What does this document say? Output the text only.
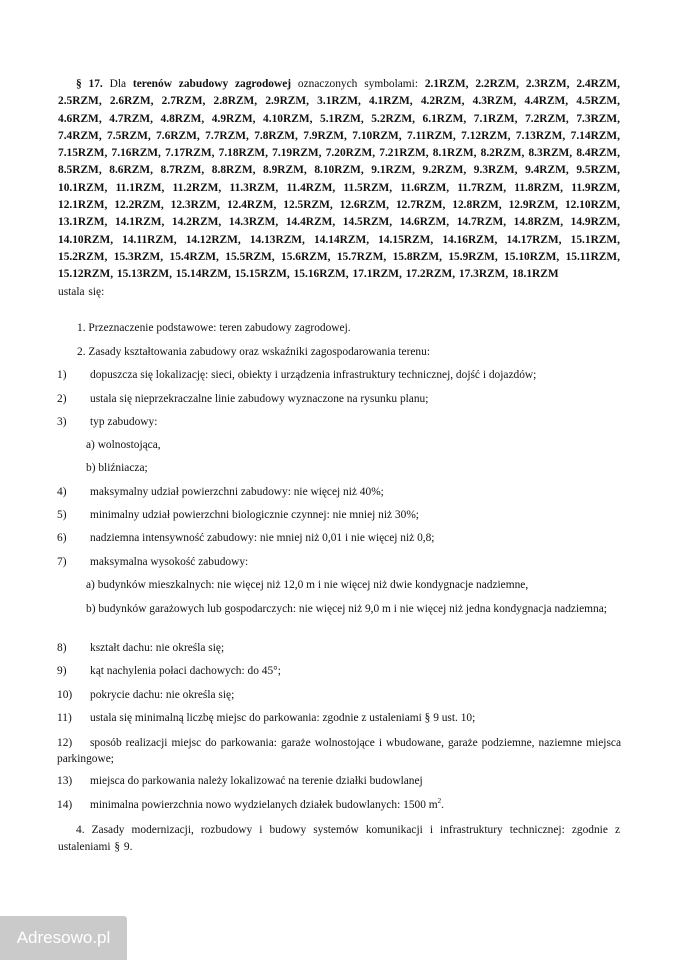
§ 17. Dla terenów zabudowy zagrodowej oznaczonych symbolami: 2.1RZM, 2.2RZM, 2.3RZM, 2.4RZM, 2.5RZM, 2.6RZM, 2.7RZM, 2.8RZM, 2.9RZM, 3.1RZM, 4.1RZM, 4.2RZM, 4.3RZM, 4.4RZM, 4.5RZM, 4.6RZM, 4.7RZM, 4.8RZM, 4.9RZM, 4.10RZM, 5.1RZM, 5.2RZM, 6.1RZM, 7.1RZM, 7.2RZM, 7.3RZM, 7.4RZM, 7.5RZM, 7.6RZM, 7.7RZM, 7.8RZM, 7.9RZM, 7.10RZM, 7.11RZM, 7.12RZM, 7.13RZM, 7.14RZM, 7.15RZM, 7.16RZM, 7.17RZM, 7.18RZM, 7.19RZM, 7.20RZM, 7.21RZM, 8.1RZM, 8.2RZM, 8.3RZM, 8.4RZM, 8.5RZM, 8.6RZM, 8.7RZM, 8.8RZM, 8.9RZM, 8.10RZM, 9.1RZM, 9.2RZM, 9.3RZM, 9.4RZM, 9.5RZM, 10.1RZM, 11.1RZM, 11.2RZM, 11.3RZM, 11.4RZM, 11.5RZM, 11.6RZM, 11.7RZM, 11.8RZM, 11.9RZM, 12.1RZM, 12.2RZM, 12.3RZM, 12.4RZM, 12.5RZM, 12.6RZM, 12.7RZM, 12.8RZM, 12.9RZM, 12.10RZM, 13.1RZM, 14.1RZM, 14.2RZM, 14.3RZM, 14.4RZM, 14.5RZM, 14.6RZM, 14.7RZM, 14.8RZM, 14.9RZM, 14.10RZM, 14.11RZM, 14.12RZM, 14.13RZM, 14.14RZM, 14.15RZM, 14.16RZM, 14.17RZM, 15.1RZM, 15.2RZM, 15.3RZM, 15.4RZM, 15.5RZM, 15.6RZM, 15.7RZM, 15.8RZM, 15.9RZM, 15.10RZM, 15.11RZM, 15.12RZM, 15.13RZM, 15.14RZM, 15.15RZM, 15.16RZM, 17.1RZM, 17.2RZM, 17.3RZM, 18.1RZM
ustala się:
1. Przeznaczenie podstawowe: teren zabudowy zagrodowej.
2. Zasady kształtowania zabudowy oraz wskaźniki zagospodarowania terenu:
1) dopuszcza się lokalizację: sieci, obiekty i urządzenia infrastruktury technicznej, dojść i dojazdów;
2) ustala się nieprzekraczalne linie zabudowy wyznaczone na rysunku planu;
3) typ zabudowy:
a) wolnostojąca,
b) bliźniacza;
4) maksymalny udział powierzchni zabudowy: nie więcej niż 40%;
5) minimalny udział powierzchni biologicznie czynnej: nie mniej niż 30%;
6) nadziemna intensywność zabudowy: nie mniej niż 0,01 i nie więcej niż 0,8;
7) maksymalna wysokość zabudowy:
a) budynków mieszkalnych: nie więcej niż 12,0 m i nie więcej niż dwie kondygnacje nadziemne,
b) budynków garażowych lub gospodarczych: nie więcej niż 9,0 m i nie więcej niż jedna kondygnacja nadziemna;
8) kształt dachu: nie określa się;
9) kąt nachylenia połaci dachowych: do 45°;
10) pokrycie dachu: nie określa się;
11) ustala się minimalną liczbę miejsc do parkowania: zgodnie z ustaleniami § 9 ust. 10;
12) sposób realizacji miejsc do parkowania: garaże wolnostojące i wbudowane, garaże podziemne, naziemne miejsca parkingowe;
13) miejsca do parkowania należy lokalizować na terenie działki budowlanej
14) minimalna powierzchnia nowo wydzielanych działek budowlanych: 1500 $m^2$.
4. Zasady modernizacji, rozbudowy i budowy systemów komunikacji i infrastruktury technicznej: zgodnie z ustaleniami § 9.
Adresowo.pl
